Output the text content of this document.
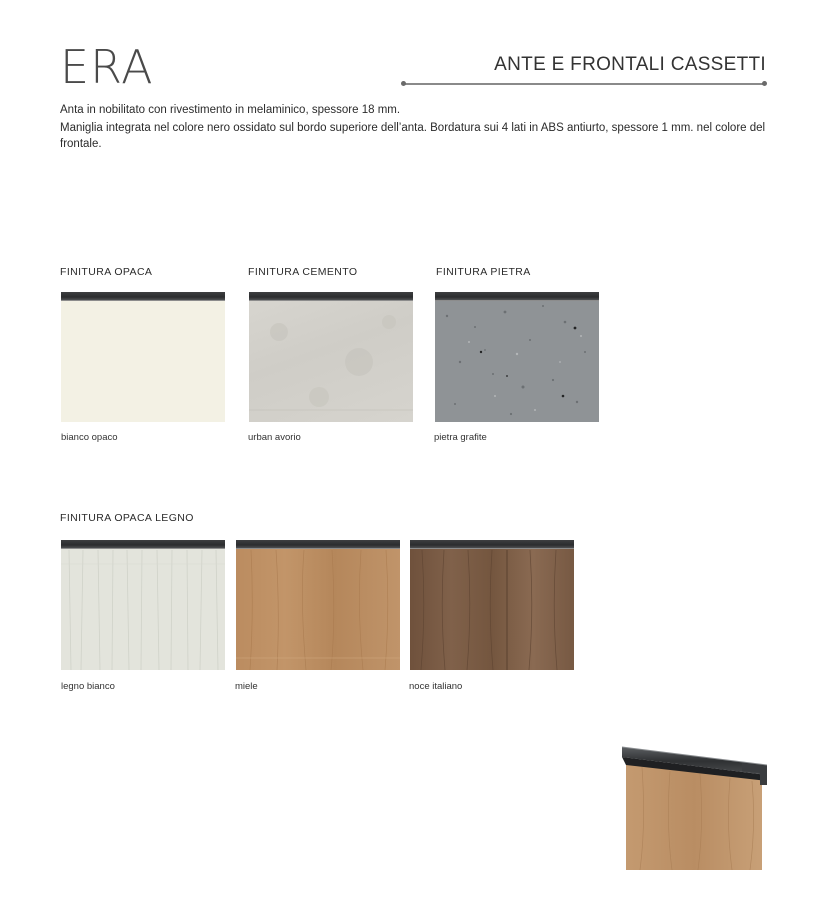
ERA	ANTE E FRONTALI CASSETTI

Anta in nobilitato con rivestimento in melaminico, spessore 18 mm.

Maniglia integrata nel colore nero ossidato sul bordo superiore dell’anta. Bordatura sui 4 lati in ABS antiurto, spessore 1 mm. nel colore del frontale.

FINITURA OPACA	FINITURA CEMENTO	FINITURA PIETRA
bianco opaco	urban avorio	pietra grafite
FINITURA OPACA LEGNO
legno bianco	miele	noce italiano
